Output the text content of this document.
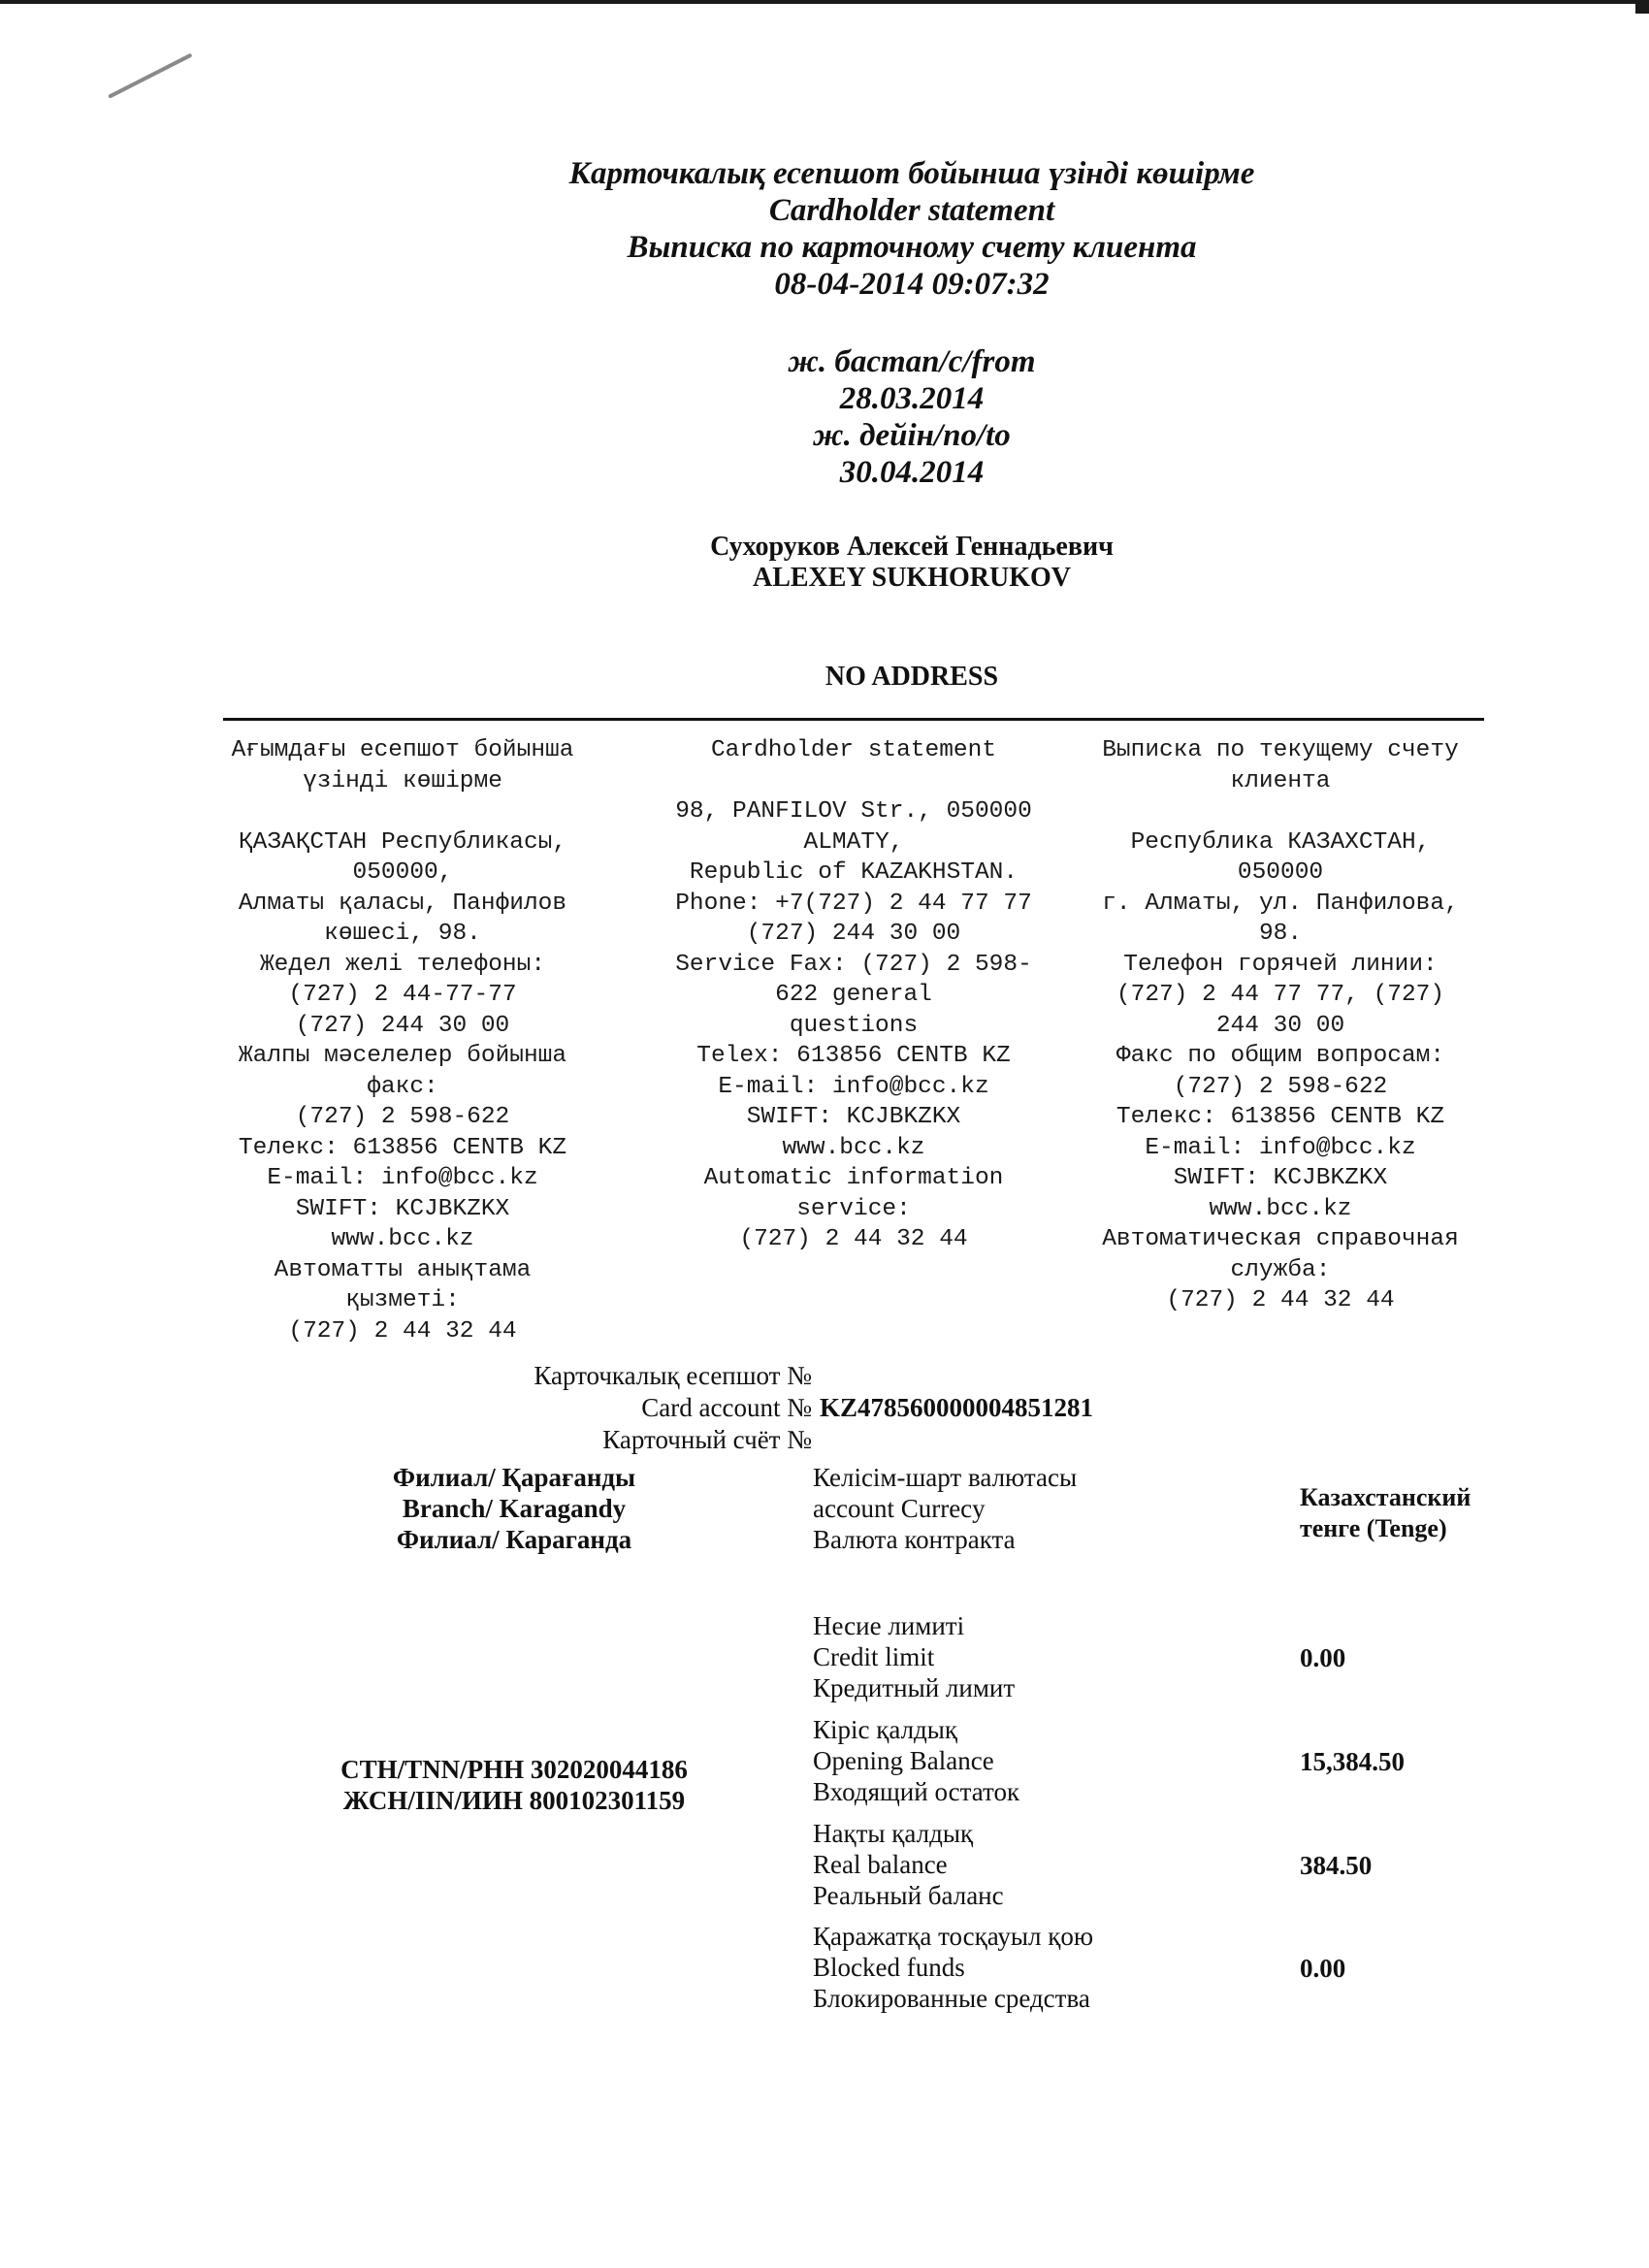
Карточкалық есепшот бойынша үзінді көшірме
Cardholder statement
Выписка по карточному счету клиента
08-04-2014 09:07:32
ж. бастап/с/from
28.03.2014
ж. дейін/по/to
30.04.2014
Сухоруков Алексей Геннадьевич
ALEXEY SUKHORUKOV
NO ADDRESS
Ағымдағы есепшот бойынша
үзінді көшірме

ҚАЗАҚСТАН Республикасы,
050000,
Алматы қаласы, Панфилов
көшесі, 98.
Жедел желі телефоны:
(727) 2 44-77-77
(727) 244 30 00
Жалпы мәселелер бойынша
факс:
(727) 2 598-622
Телекс: 613856 CENTB KZ
E-mail: info@bcc.kz
SWIFT: KCJBKZKX
www.bcc.kz
Автоматты анықтама
қызметі:
(727) 2 44 32 44
Cardholder statement

98, PANFILOV Str., 050000
ALMATY,
Republic of KAZAKHSTAN.
Phone: +7(727) 2 44 77 77
(727) 244 30 00
Service Fax: (727) 2 598-
622 general
questions
Telex: 613856 CENTB KZ
E-mail: info@bcc.kz
SWIFT: KCJBKZKX
www.bcc.kz
Automatic information
service:
(727) 2 44 32 44
Выписка по текущему счету
клиента

Республика КАЗАХСТАН,
050000
г. Алматы, ул. Панфилова,
98.
Телефон горячей линии:
(727) 2 44 77 77, (727)
244 30 00
Факс по общим вопросам:
(727) 2 598-622
Телекс: 613856 CENTB KZ
E-mail: info@bcc.kz
SWIFT: KCJBKZKX
www.bcc.kz
Автоматическая справочная
служба:
(727) 2 44 32 44
Карточкалық есепшот №
Card account № KZ478560000004851281
Карточный счёт №
Филиал/ Қарағанды
Branch/ Karagandy
Филиал/ Караганда
Келісім-шарт валютасы
account Currecy
Валюта контракта
Казахстанский
тенге (Tenge)
СТН/TNN/РНН 302020044186
ЖСН/IIN/ИИН 800102301159
Несие лимиті
Credit limit
Кредитный лимит
0.00
Кіріс қалдық
Opening Balance
Входящий остаток
15,384.50
Нақты қалдық
Real balance
Реальный баланс
384.50
Қаражатқа тосқауыл қою
Blocked funds
Блокированные средства
0.00
